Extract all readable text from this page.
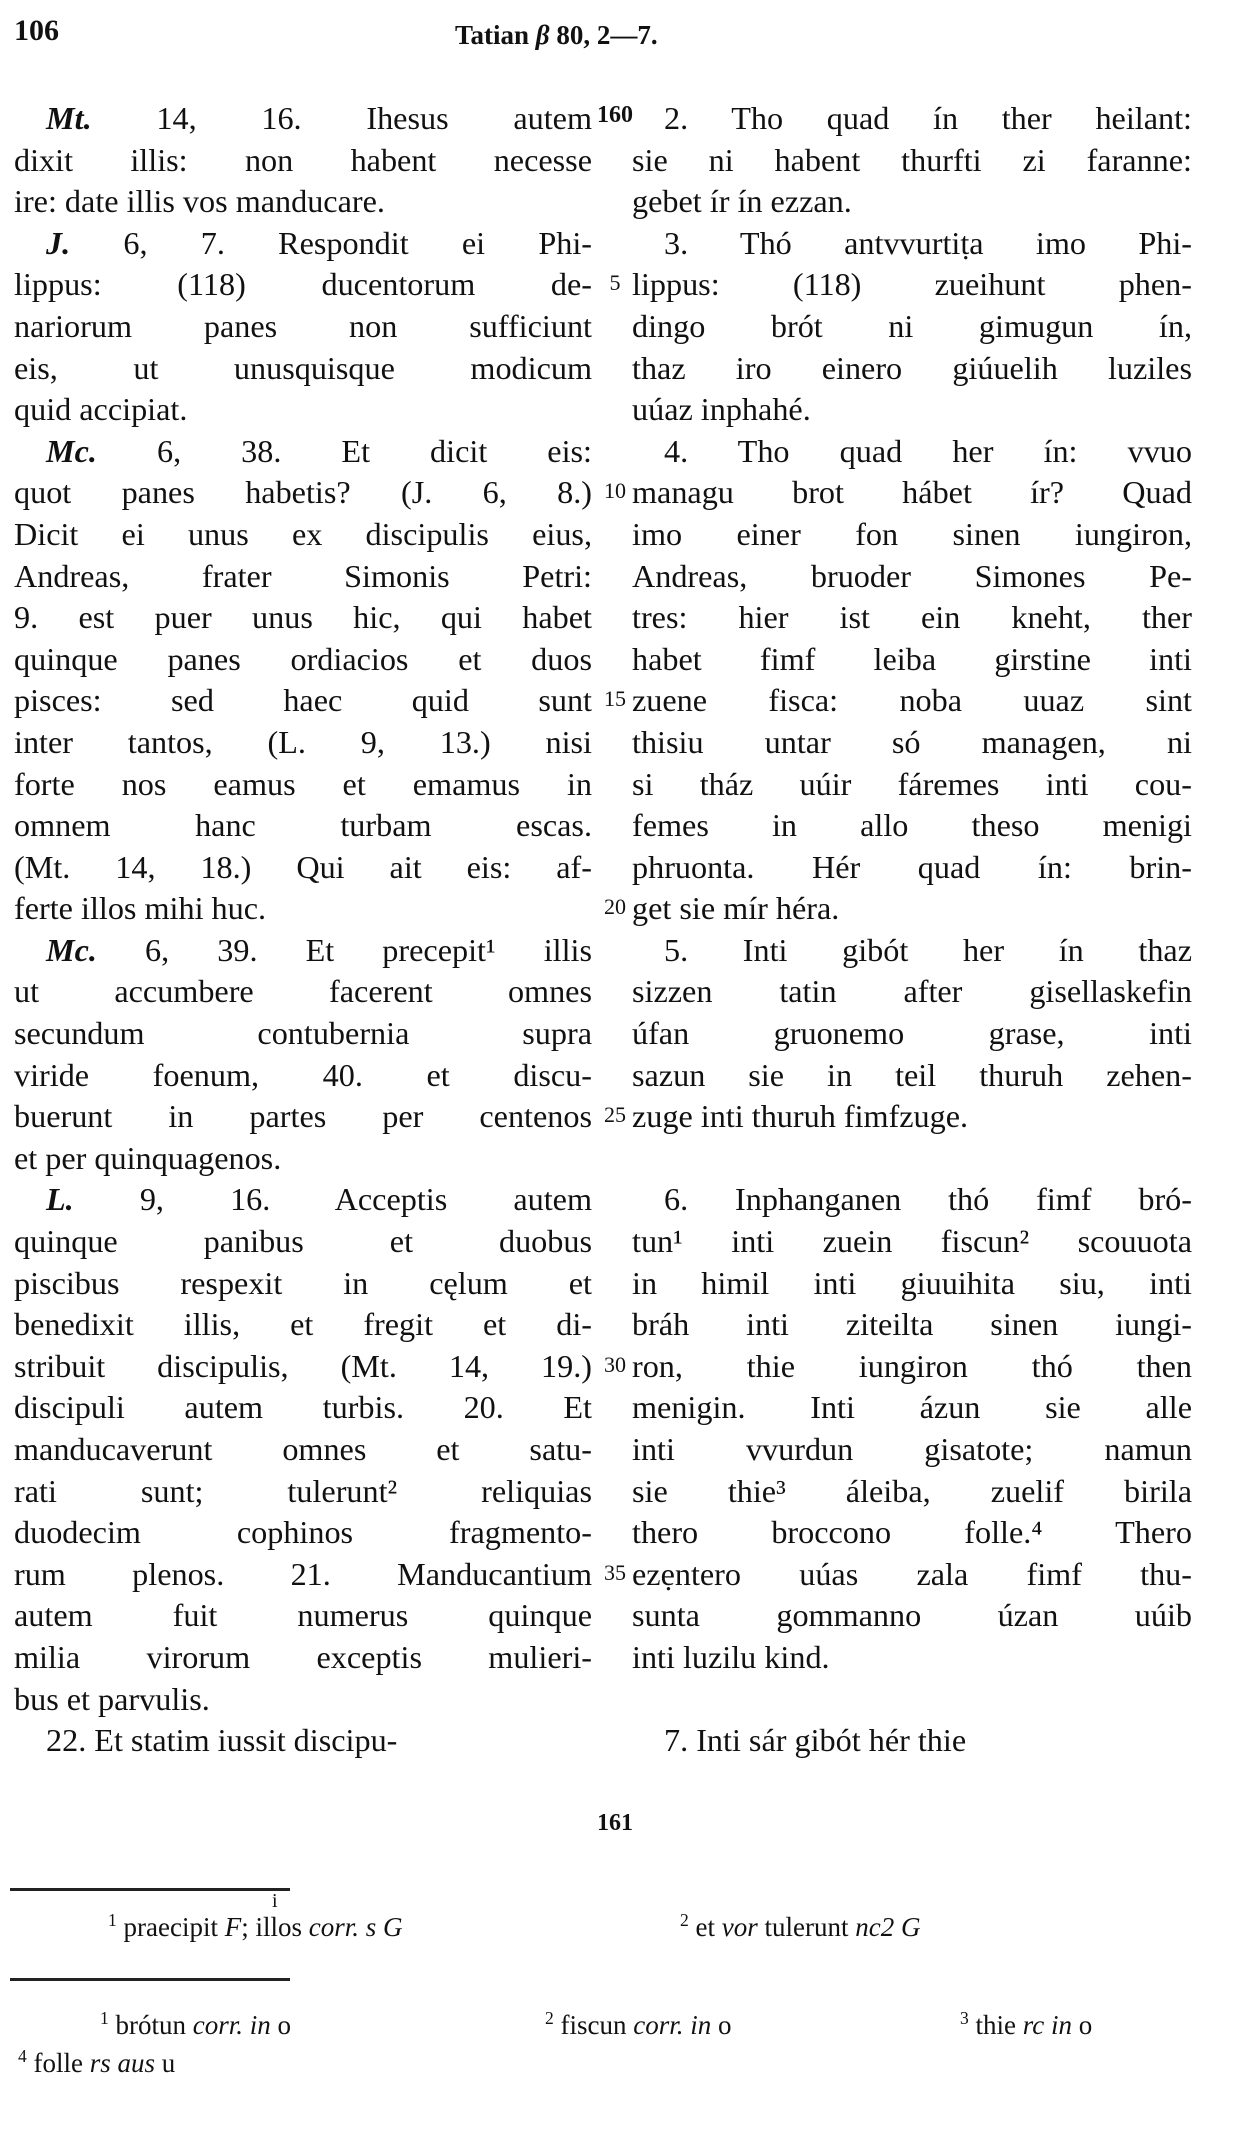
106	Tatian β 80, 2—7.
Mt. 14, 16. Ihesus autem
dixit illis: non habent necesse
ire: date illis vos manducare.
J. 6, 7. Respondit ei Phi-
lippus: (118) ducentorum de-
nariorum panes non sufficiunt
eis, ut unusquisque modicum
quid accipiat.
Mc. 6, 38. Et dicit eis:
quot panes habetis? (J. 6, 8.)
Dicit ei unus ex discipulis eius,
Andreas, frater Simonis Petri:
9. est puer unus hic, qui habet
quinque panes ordiacios et duos
pisces: sed haec quid sunt
inter tantos, (L. 9, 13.) nisi
forte nos eamus et emamus in
omnem hanc turbam escas.
(Mt. 14, 18.) Qui ait eis: af-
ferte illos mihi huc.
Mc. 6, 39. Et precepit¹ illis
ut accumbere facerent omnes
secundum contubernia supra
viride foenum, 40. et discu-
buerunt in partes per centenos
et per quinquagenos.
L. 9, 16. Acceptis autem
quinque panibus et duobus
piscibus respexit in cęlum et
benedixit illis, et fregit et di-
stribuit discipulis, (Mt. 14, 19.)
discipuli autem turbis. 20. Et
manducaverunt omnes et satu-
rati sunt; tulerunt² reliquias
duodecim cophinos fragmento-
rum plenos. 21. Manducantium
autem fuit numerus quinque
milia virorum exceptis mulieri-
bus et parvulis.
22. Et statim iussit discipu-
2. Tho quad ín ther heilant:
sie ni habent thurfti zi faranne:
gebet ír ín ezzan.
3. Thó antvvurtiṭa imo Phi-
lippus: (118) zueihunt phen-
dingo brót ni gimugun ín,
thaz iro einero giúuelih luziles
uúaz inphahé.
4. Tho quad her ín: vvuo
managu brot hábet ír? Quad
imo einer fon sinen iungiron,
Andreas, bruoder Simones Pe-
tres: hier ist ein kneht, ther
habet fimf leiba girstine inti
zuene fisca: noba uuaz sint
thisiu untar só managen, ni
si tház uúir fáremes inti cou-
femes in allo theso menigi
phruonta. Hér quad ín: brin-
get sie mír héra.
5. Inti gibót her ín thaz
sizzen tatin after gisellaskefin
úfan gruonemo grase, inti
sazun sie in teil thuruh zehen-
zuge inti thuruh fimfzuge.
6. Inphanganen thó fimf bró-
tun¹ inti zuein fiscun² scouuota
in himil inti giuuihita siu, inti
bráh inti ziteilta sinen iungi-
ron, thie iungiron thó then
menigin. Inti ázun sie alle
inti vvurdun gisatote; namun
sie thie³ áleiba, zuelif birila
thero broccono folle.⁴ Thero
ezẹntero uúas zala fimf thu-
sunta gommanno úzan uúib
inti luzilu kind.
7. Inti sár gibót hér thie
160
5
10
15
20
25
30
35
161
$^1$ praecipit F; illos
i
corr. s G	$^2$ et vor tulerunt nc2 G
$^1$ brótun corr. in o	$^2$ fiscun corr. in o	$^3$ thie rc in o
$^4$ folle rs aus u
